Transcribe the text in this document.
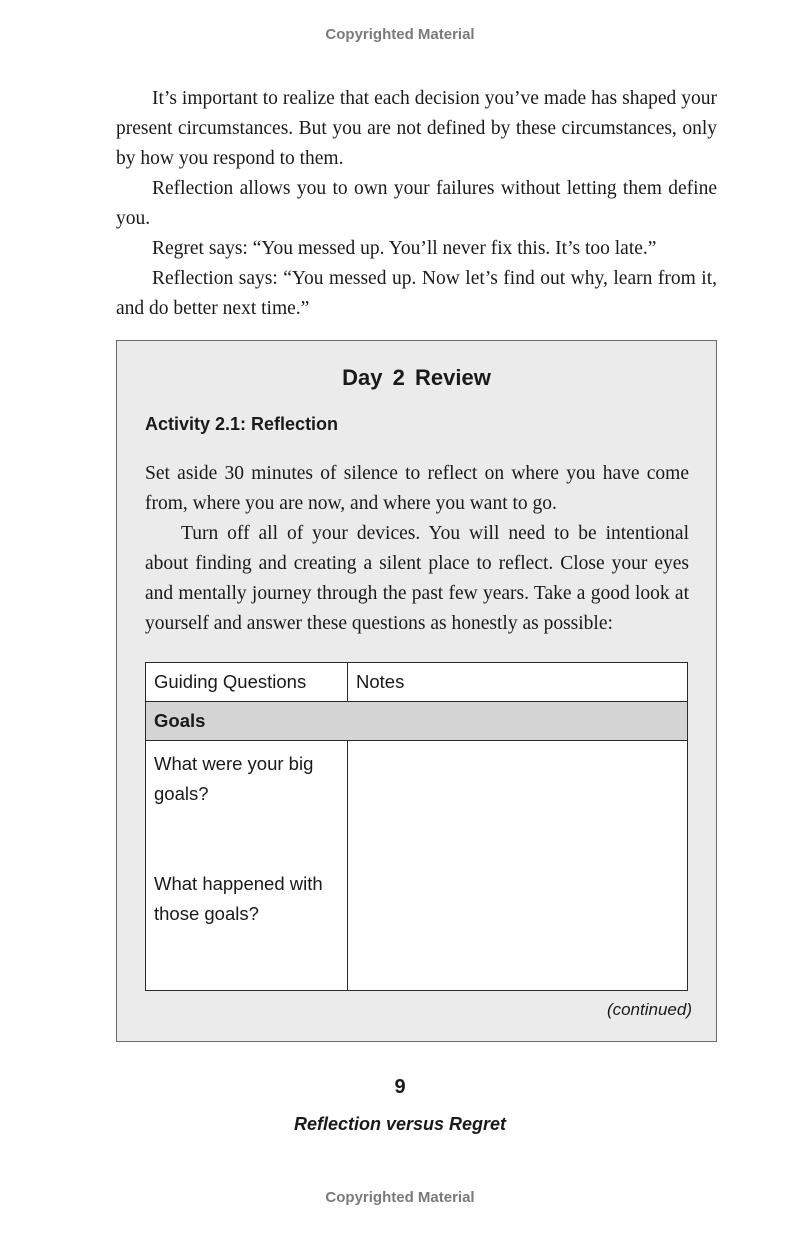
Copyrighted Material

It’s important to realize that each decision you’ve made has shaped your present circumstances. But you are not defined by these circumstances, only by how you respond to them.

Reflection allows you to own your failures without letting them define you.

Regret says: “You messed up. You’ll never fix this. It’s too late.”

Reflection says: “You messed up. Now let’s find out why, learn from it, and do better next time.”

Day 2 Review
Activity 2.1: Reflection

Set aside 30 minutes of silence to reflect on where you have come from, where you are now, and where you want to go.

Turn off all of your devices. You will need to be intentional about finding and creating a silent place to reflect. Close your eyes and mentally journey through the past few years. Take a good look at yourself and answer these questions as honestly as possible:

Guiding Questions	Notes
Goals
What were your big goals?
What happened with those goals?
(continued)
9
Reflection versus Regret
Copyrighted Material
